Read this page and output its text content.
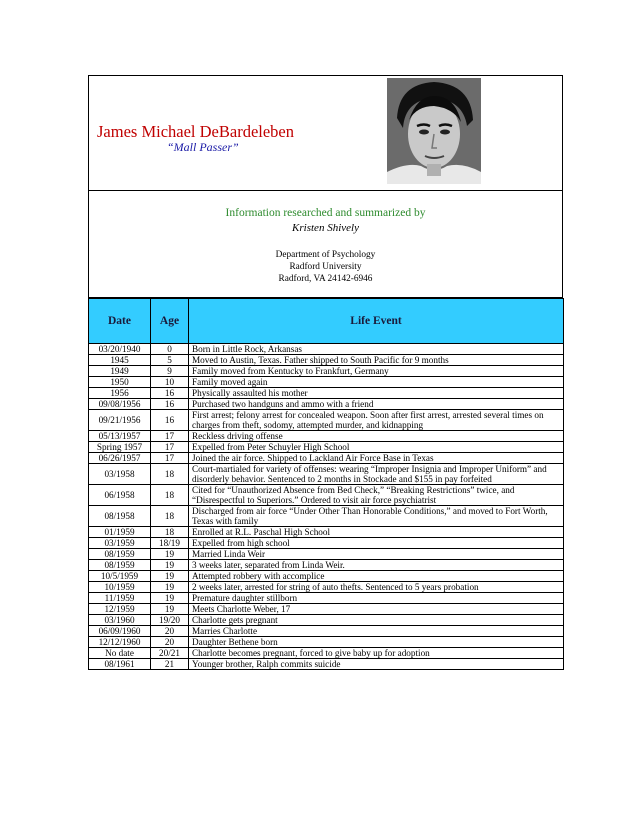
James Michael DeBardeleben
“Mall Passer”
Information researched and summarized by
Kristen Shively
Department of Psychology
Radford University
Radford, VA 24142-6946
Date	Age	Life Event
03/20/1940	0	Born in Little Rock, Arkansas
1945	5	Moved to Austin, Texas. Father shipped to South Pacific for 9 months
1949	9	Family moved from Kentucky to Frankfurt, Germany
1950	10	Family moved again
1956	16	Physically assaulted his mother
09/08/1956	16	Purchased two handguns and ammo with a friend
09/21/1956	16	First arrest; felony arrest for concealed weapon. Soon after first arrest, arrested several times on charges from theft, sodomy, attempted murder, and kidnapping
05/13/1957	17	Reckless driving offense
Spring 1957	17	Expelled from Peter Schuyler High School
06/26/1957	17	Joined the air force. Shipped to Lackland Air Force Base in Texas
03/1958	18	Court-martialed for variety of offenses: wearing “Improper Insignia and Improper Uniform” and disorderly behavior. Sentenced to 2 months in Stockade and $155 in pay forfeited
06/1958	18	Cited for “Unauthorized Absence from Bed Check,” “Breaking Restrictions” twice, and “Disrespectful to Superiors.” Ordered to visit air force psychiatrist
08/1958	18	Discharged from air force “Under Other Than Honorable Conditions,” and moved to Fort Worth, Texas with family
01/1959	18	Enrolled at R.L. Paschal High School
03/1959	18/19	Expelled from high school
08/1959	19	Married Linda Weir
08/1959	19	3 weeks later, separated from Linda Weir.
10/5/1959	19	Attempted robbery with accomplice
10/1959	19	2 weeks later, arrested for string of auto thefts. Sentenced to 5 years probation
11/1959	19	Premature daughter stillborn
12/1959	19	Meets Charlotte Weber, 17
03/1960	19/20	Charlotte gets pregnant
06/09/1960	20	Marries Charlotte
12/12/1960	20	Daughter Bethene born
No date	20/21	Charlotte becomes pregnant, forced to give baby up for adoption
08/1961	21	Younger brother, Ralph commits suicide
